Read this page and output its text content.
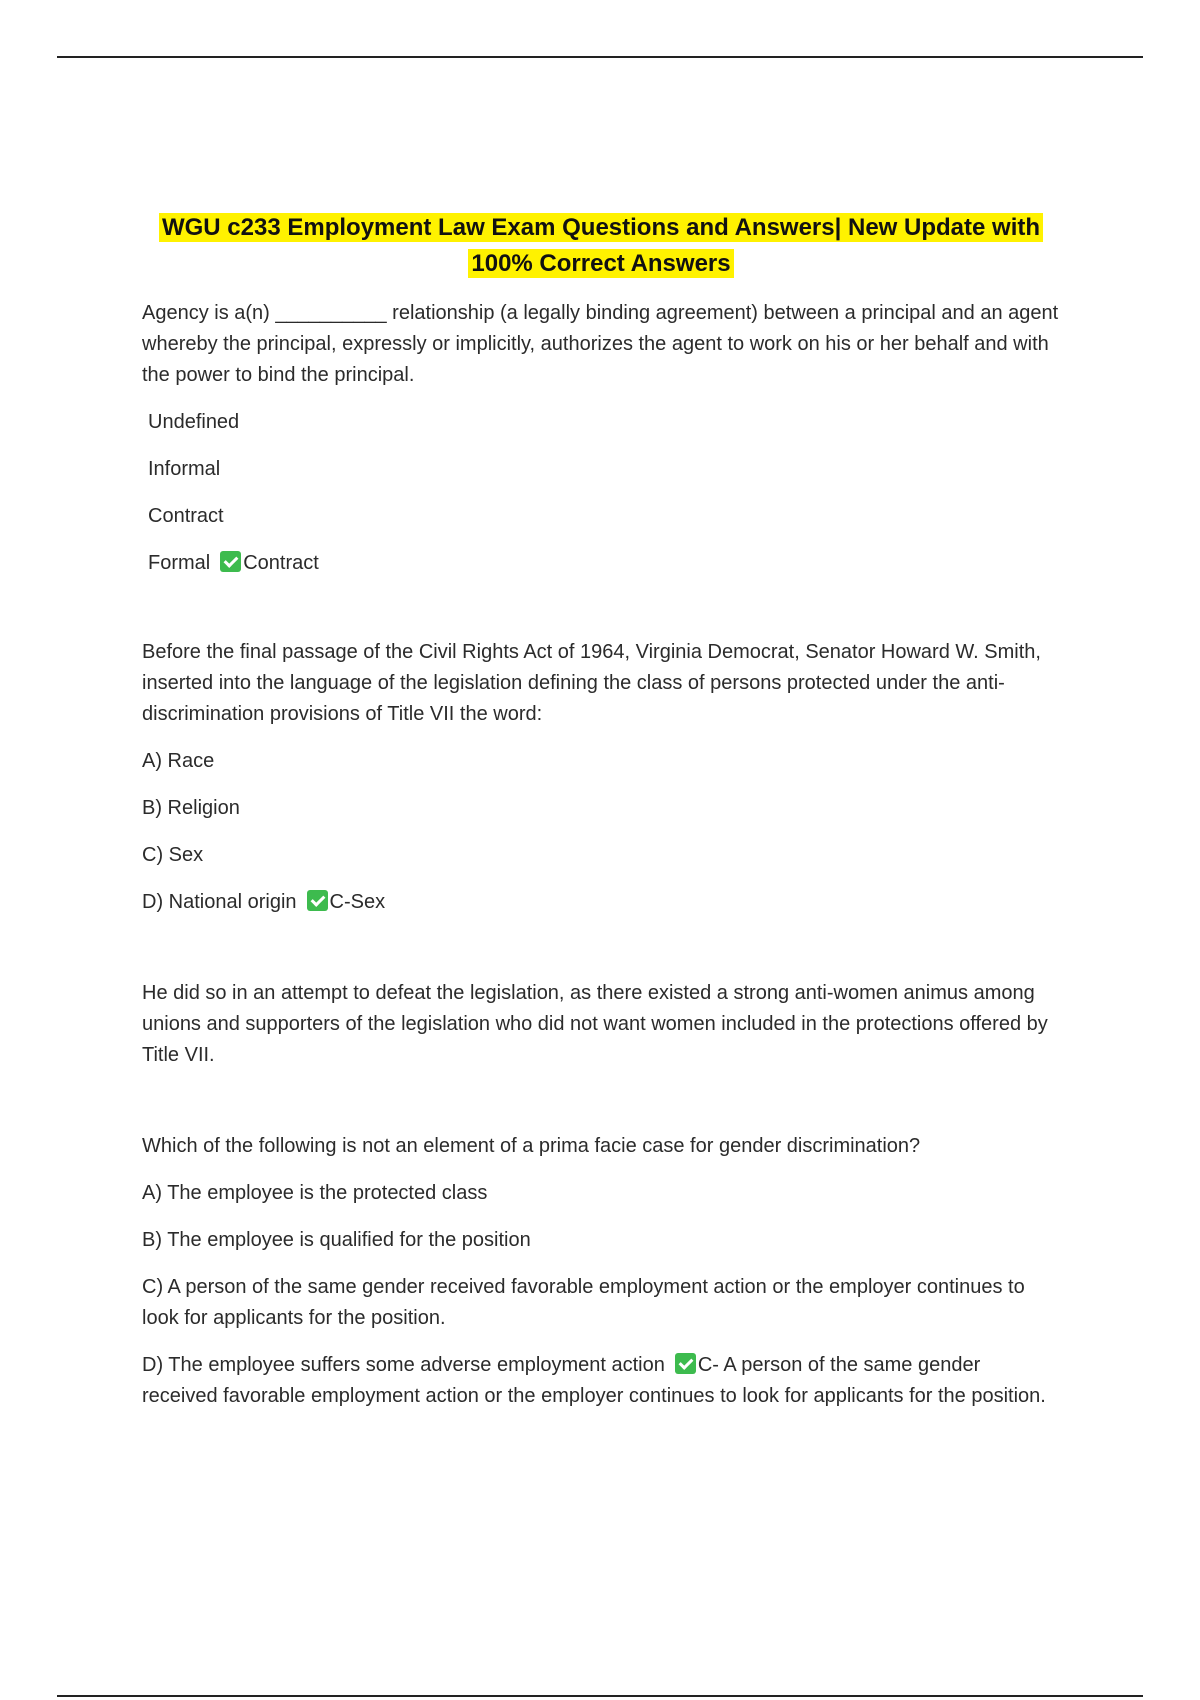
WGU c233 Employment Law Exam Questions and Answers| New Update with
100% Correct Answers

Agency is a(n) __________ relationship (a legally binding agreement) between a principal and an agent whereby the principal, expressly or implicitly, authorizes the agent to work on his or her behalf and with the power to bind the principal.

Undefined

Informal

Contract

Formal Contract

Before the final passage of the Civil Rights Act of 1964, Virginia Democrat, Senator Howard W. Smith, inserted into the language of the legislation defining the class of persons protected under the anti-discrimination provisions of Title VII the word:

A) Race

B) Religion

C) Sex

D) National origin C-Sex

He did so in an attempt to defeat the legislation, as there existed a strong anti-women animus among unions and supporters of the legislation who did not want women included in the protections offered by Title VII.

Which of the following is not an element of a prima facie case for gender discrimination?

A) The employee is the protected class

B) The employee is qualified for the position

C) A person of the same gender received favorable employment action or the employer continues to look for applicants for the position.

D) The employee suffers some adverse employment action C- A person of the same gender received favorable employment action or the employer continues to look for applicants for the position.
